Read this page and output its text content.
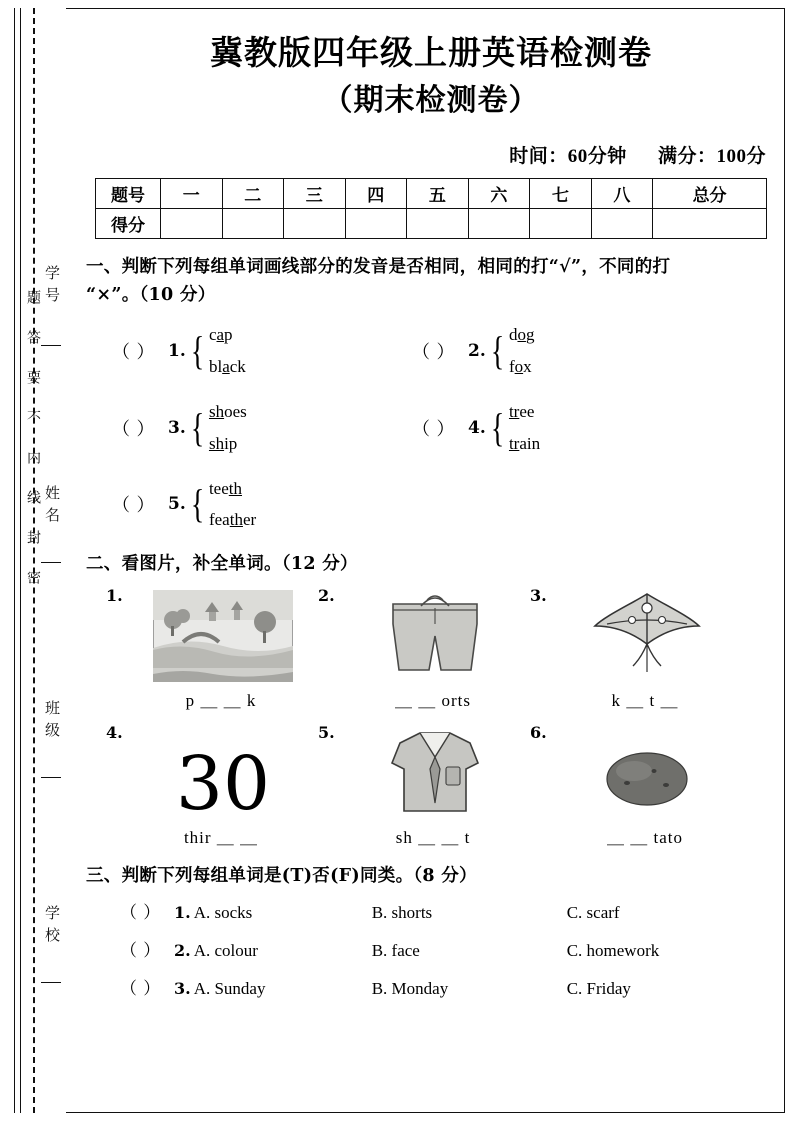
学号
姓名
班级
学校
题答要不内线封密
冀教版四年级上册英语检测卷
（期末检测卷）
时间：60分钟 满分：100分
题号	一	二	三	四	五	六	七	八	总分
得分									
一、判断下列每组单词画线部分的发音是否相同，相同的打“√”，不同的打
“×”。（10 分）
（ ） 1. { cap
black
（ ） 2. { dog
fox
（ ） 3. { shoes
ship
（ ） 4. { tree
train
（ ） 5. { teeth
feather
二、看图片，补全单词。（12 分）
1.
p ＿ ＿ k
2.
＿ ＿ orts
3.
k ＿ t ＿
4.
30
thir ＿ ＿
5.
sh ＿ ＿ t
6.
＿ ＿ tato
三、判断下列每组单词是(T)否(F)同类。（8 分）
（ ） 1. A. socks	B. shorts	C. scarf
（ ） 2. A. colour	B. face	C. homework
（ ） 3. A. Sunday	B. Monday	C. Friday
